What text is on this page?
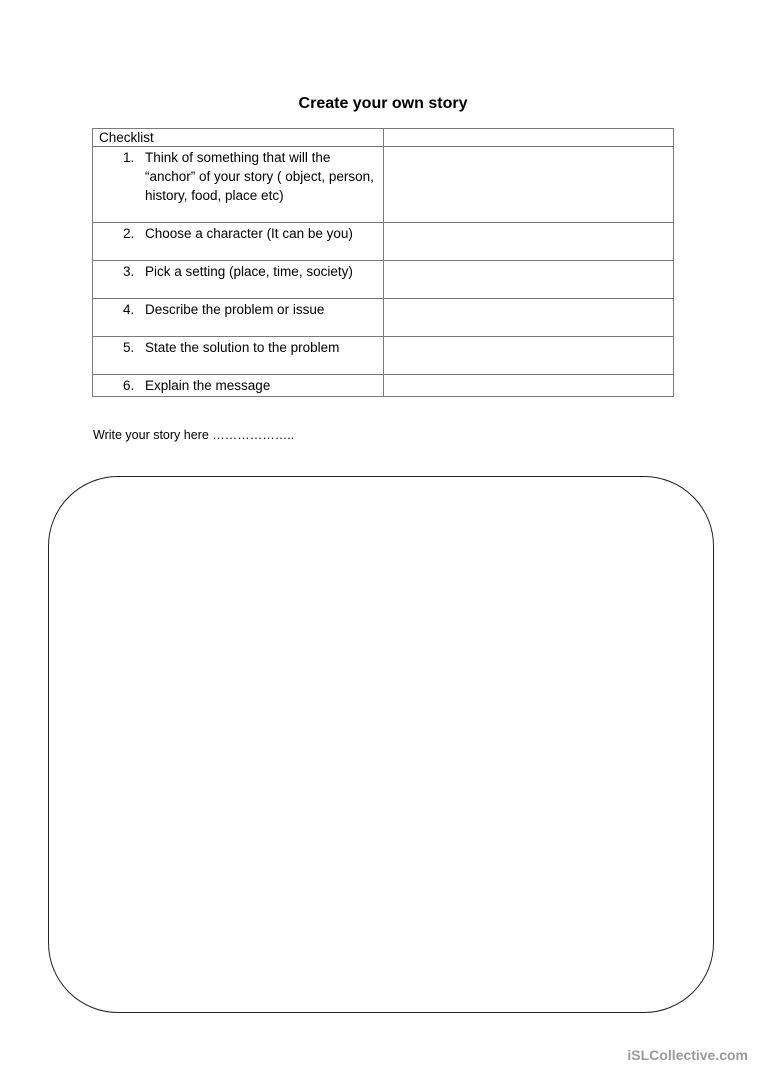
Create your own story
Checklist	

1. Think of something that will the “anchor” of your story ( object, person, history, food, place etc)	

2. Choose a character (It can be you)	

3. Pick a setting (place, time, society)	

4. Describe the problem or issue	

5. State the solution to the problem	

6. Explain the message	

Write your story here ………………..
iSLCollective.com
